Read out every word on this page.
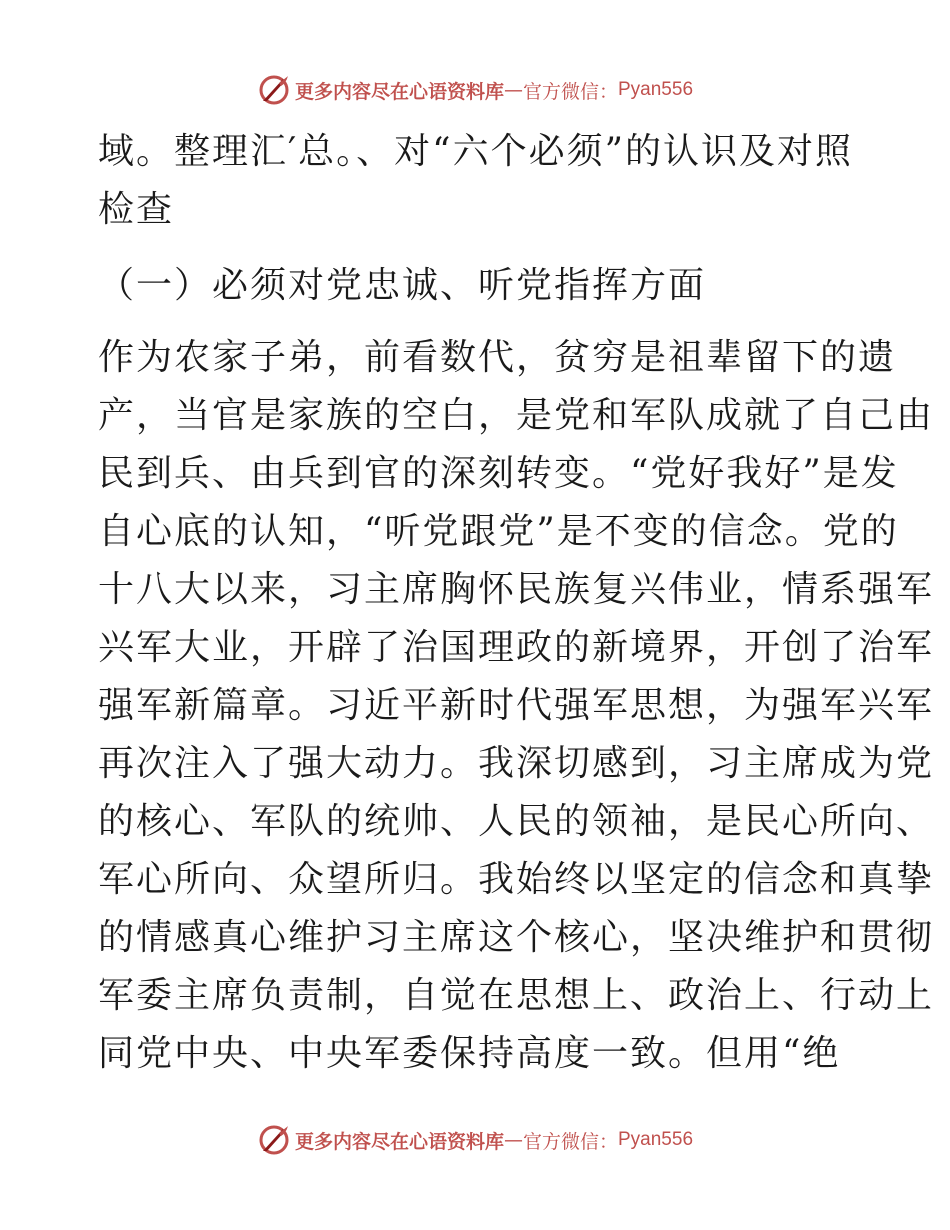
更多内容尽在心语资料库 — 官方微信： Pyan556
域。整理汇′总。、对“六个必须”的认识及对照
检查
（一）必须对党忠诚、听党指挥方面
作为农家子弟，前看数代，贫穷是祖辈留下的遗
产，当官是家族的空白，是党和军队成就了自己由
民到兵、由兵到官的深刻转变。“党好我好”是发
自心底的认知，“听党跟党”是不变的信念。党的
十八大以来，习主席胸怀民族复兴伟业，情系强军
兴军大业，开辟了治国理政的新境界，开创了治军
强军新篇章。习近平新时代强军思想，为强军兴军
再次注入了强大动力。我深切感到，习主席成为党
的核心、军队的统帅、人民的领袖，是民心所向、
军心所向、众望所归。我始终以坚定的信念和真挚
的情感真心维护习主席这个核心，坚决维护和贯彻
军委主席负责制，自觉在思想上、政治上、行动上
同党中央、中央军委保持高度一致。但用“绝
更多内容尽在心语资料库 — 官方微信： Pyan556
